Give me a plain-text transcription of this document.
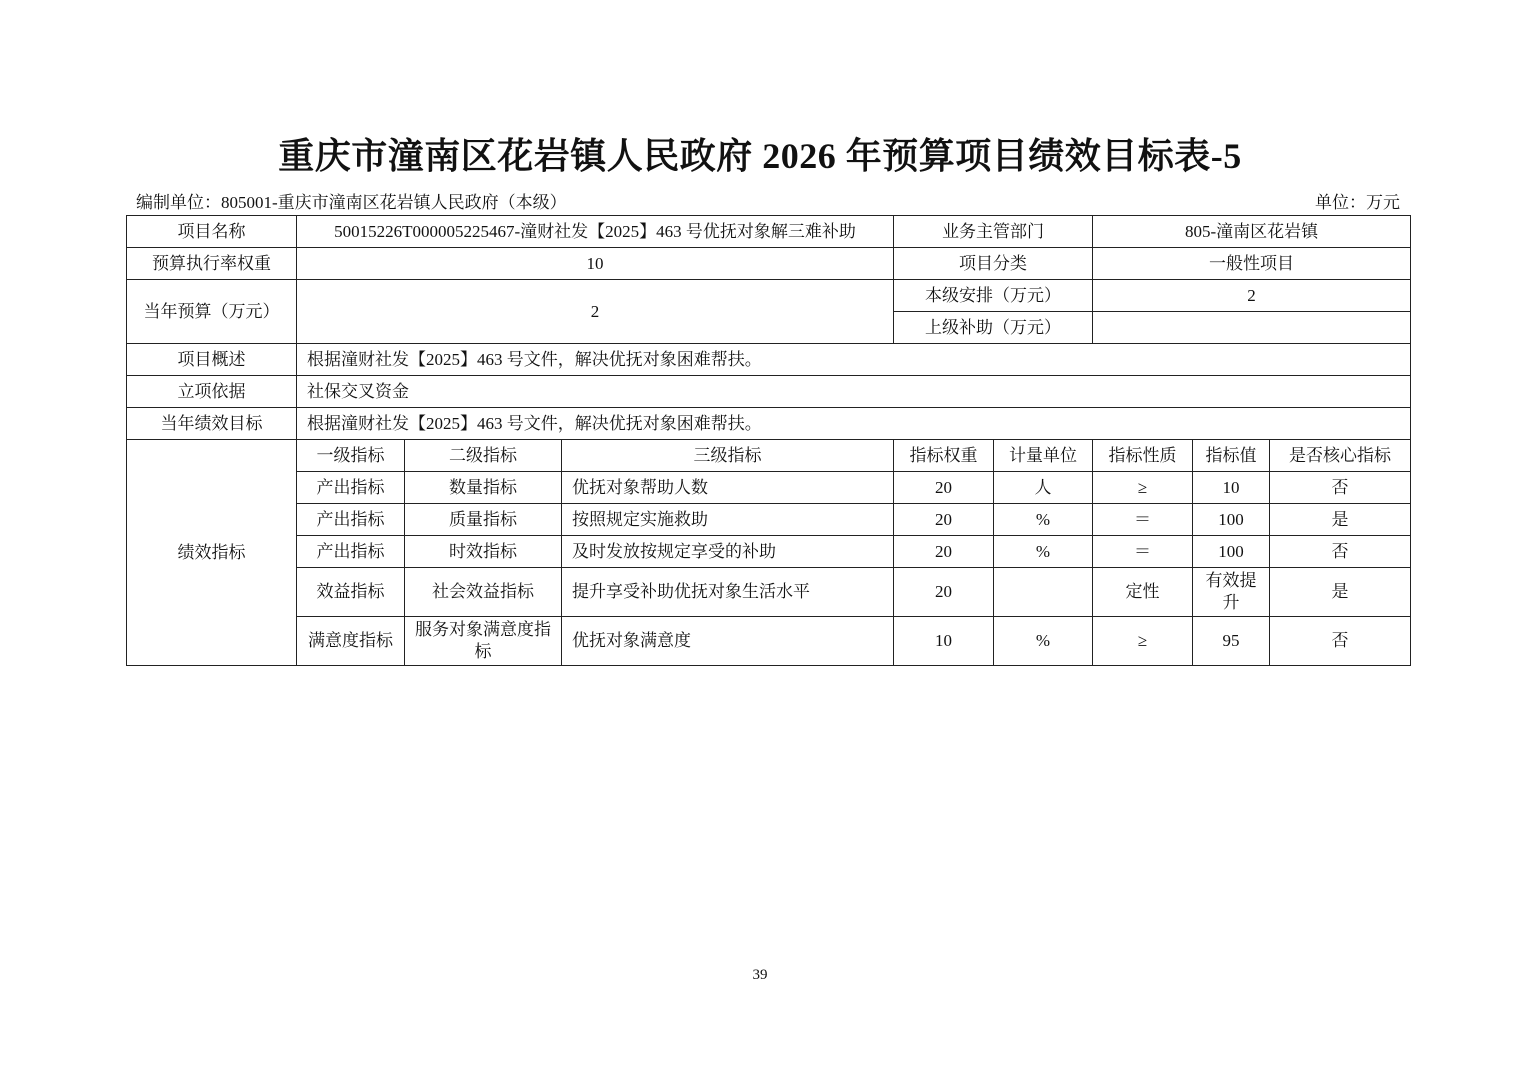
重庆市潼南区花岩镇人民政府 2026 年预算项目绩效目标表-5
编制单位：805001-重庆市潼南区花岩镇人民政府（本级）	单位：万元
项目名称	50015226T000005225467-潼财社发【2025】463 号优抚对象解三难补助			业务主管部门		805-潼南区花岩镇		
预算执行率权重	10			项目分类		一般性项目		
当年预算（万元）	2			本级安排（万元）		2		
				上级补助（万元）				
项目概述	根据潼财社发【2025】463 号文件，解决优抚对象困难帮扶。							
立项依据	社保交叉资金							
当年绩效目标	根据潼财社发【2025】463 号文件，解决优抚对象困难帮扶。							
绩效指标	一级指标	二级指标	三级指标	指标权重	计量单位	指标性质	指标值	是否核心指标
	产出指标	数量指标	优抚对象帮助人数	20	人	≥	10	否
	产出指标	质量指标	按照规定实施救助	20	%	＝	100	是
	产出指标	时效指标	及时发放按规定享受的补助	20	%	＝	100	否
	效益指标	社会效益指标	提升享受补助优抚对象生活水平	20		定性	有效提升	是
	满意度指标	服务对象满意度指标	优抚对象满意度	10	%	≥	95	否
39
